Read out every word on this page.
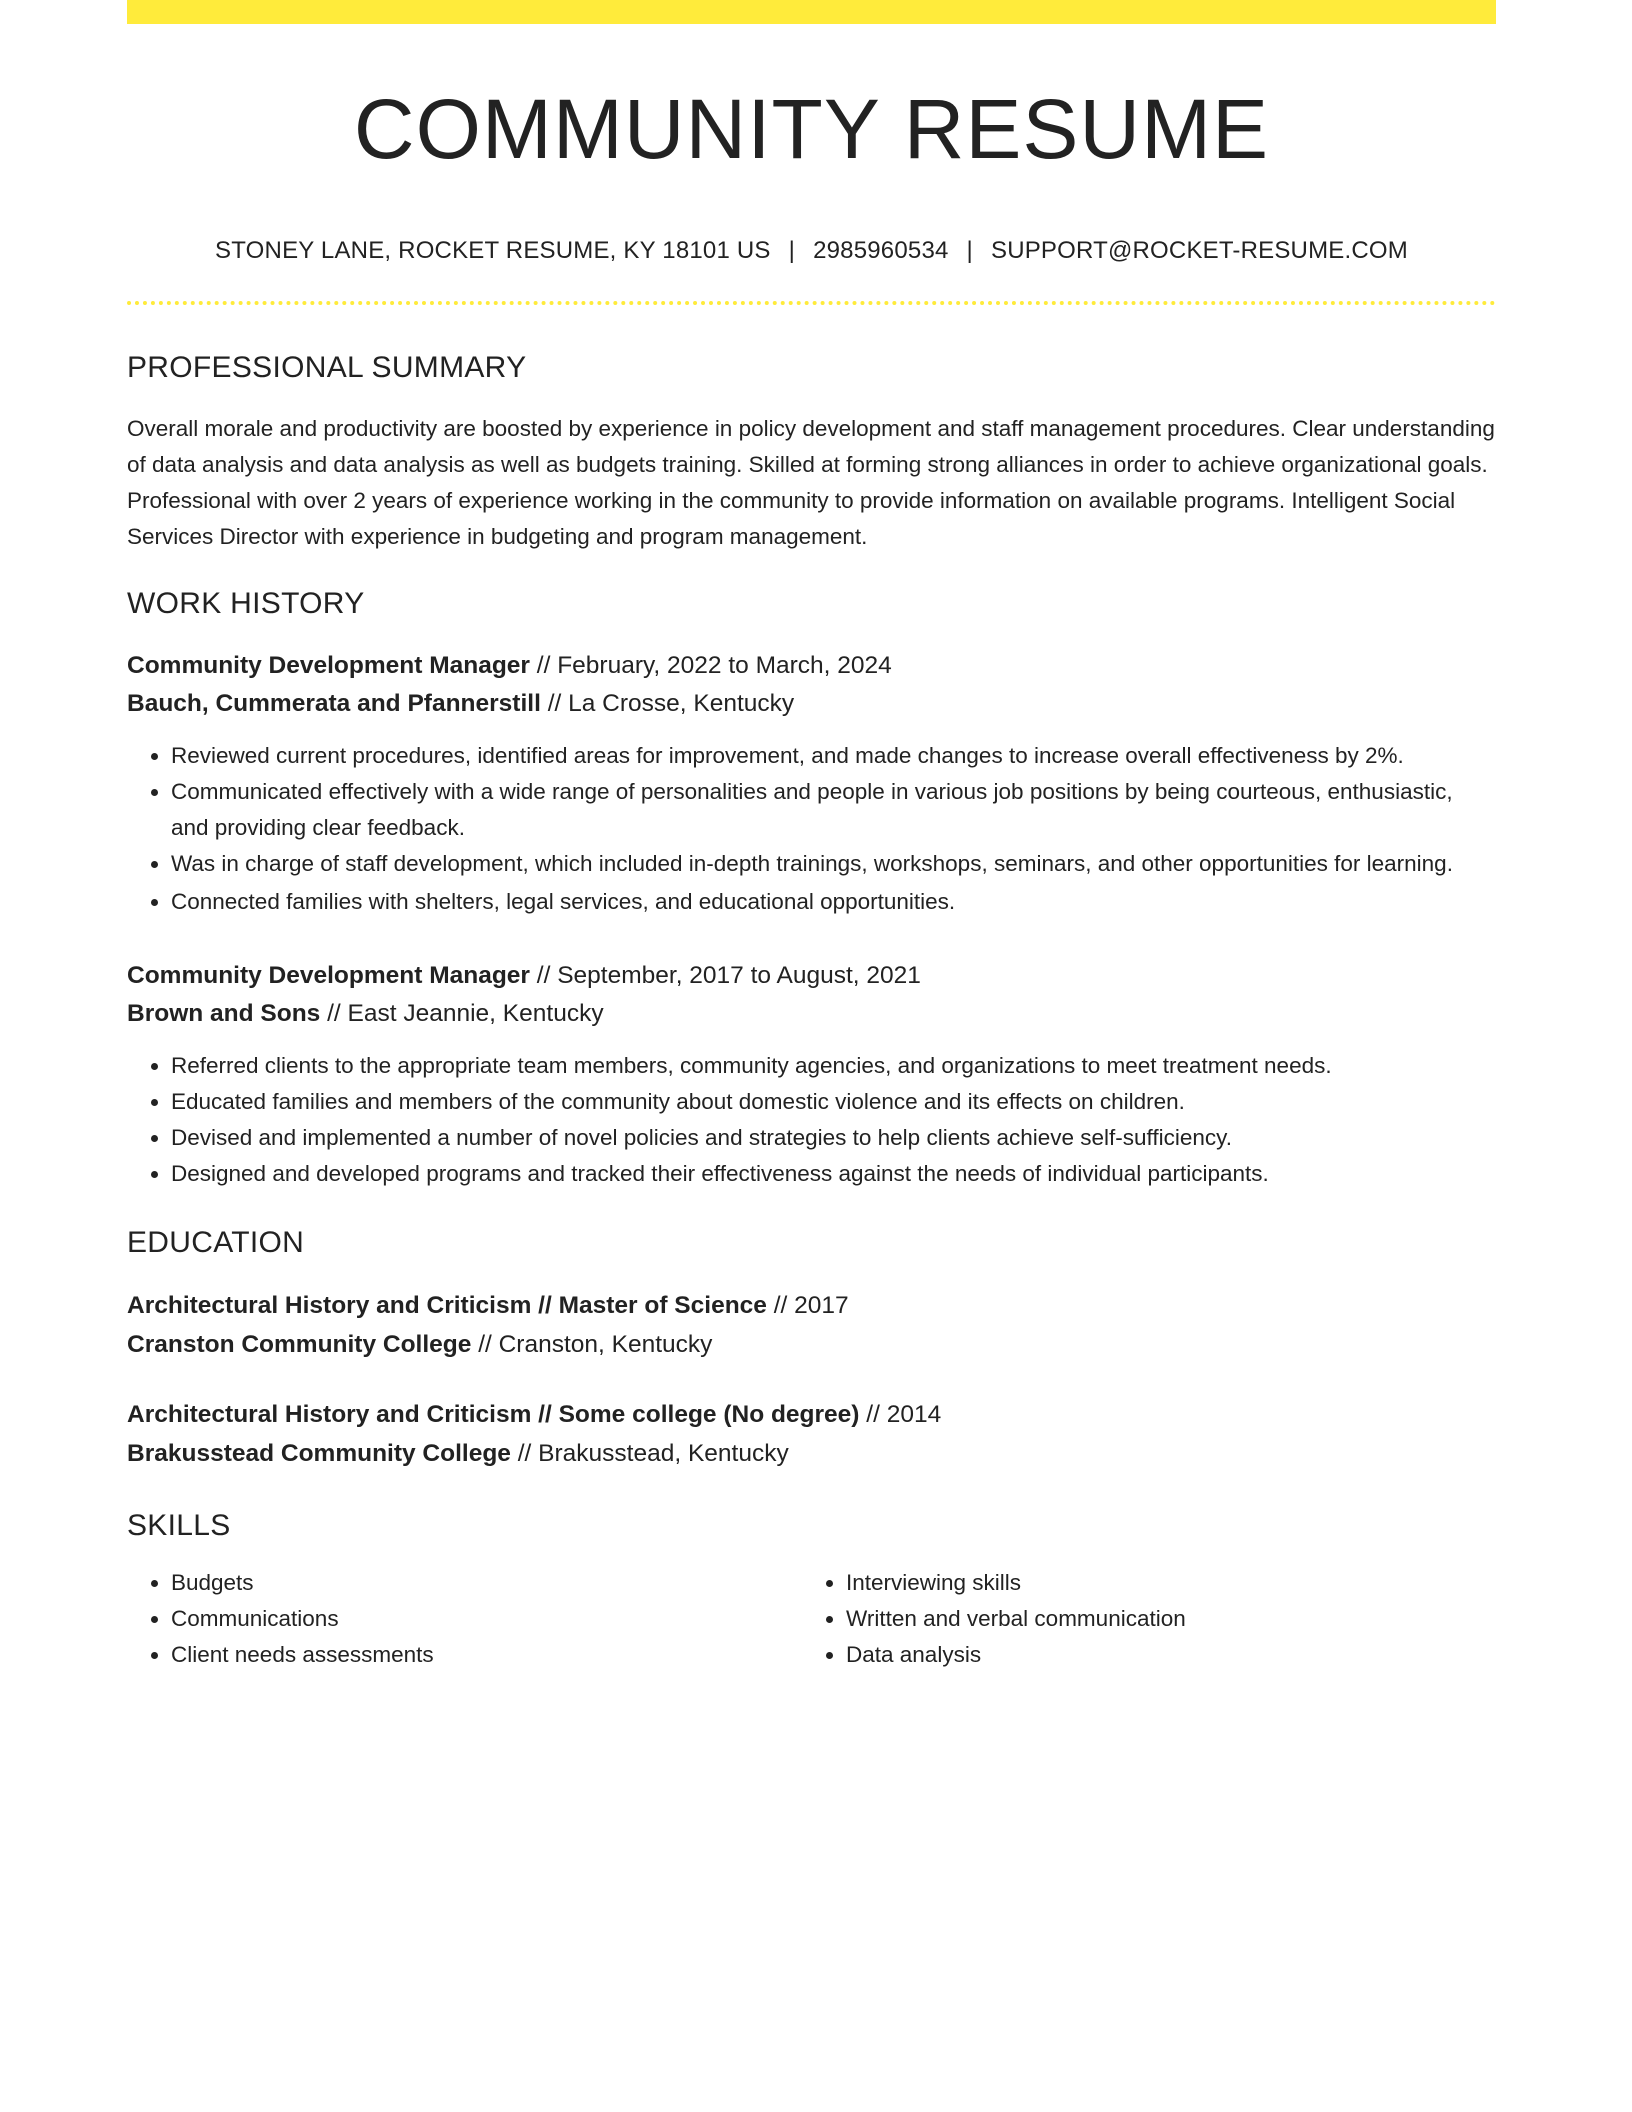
COMMUNITY RESUME
STONEY LANE, ROCKET RESUME, KY 18101 US | 2985960534 | SUPPORT@ROCKET-RESUME.COM
PROFESSIONAL SUMMARY

Overall morale and productivity are boosted by experience in policy development and staff management procedures. Clear understanding of data analysis and data analysis as well as budgets training. Skilled at forming strong alliances in order to achieve organizational goals. Professional with over 2 years of experience working in the community to provide information on available programs. Intelligent Social Services Director with experience in budgeting and program management.

WORK HISTORY
Community Development Manager // February, 2022 to March, 2024
Bauch, Cummerata and Pfannerstill // La Crosse, Kentucky
• Reviewed current procedures, identified areas for improvement, and made changes to increase overall effectiveness by 2%.
• Communicated effectively with a wide range of personalities and people in various job positions by being courteous, enthusiastic, and providing clear feedback.
• Was in charge of staff development, which included in-depth trainings, workshops, seminars, and other opportunities for learning.
• Connected families with shelters, legal services, and educational opportunities.
Community Development Manager // September, 2017 to August, 2021
Brown and Sons // East Jeannie, Kentucky
• Referred clients to the appropriate team members, community agencies, and organizations to meet treatment needs.
• Educated families and members of the community about domestic violence and its effects on children.
• Devised and implemented a number of novel policies and strategies to help clients achieve self-sufficiency.
• Designed and developed programs and tracked their effectiveness against the needs of individual participants.
EDUCATION
Architectural History and Criticism // Master of Science // 2017
Cranston Community College // Cranston, Kentucky
Architectural History and Criticism // Some college (No degree) // 2014
Brakusstead Community College // Brakusstead, Kentucky
SKILLS
• Budgets
• Communications
• Client needs assessments
• Interviewing skills
• Written and verbal communication
• Data analysis
